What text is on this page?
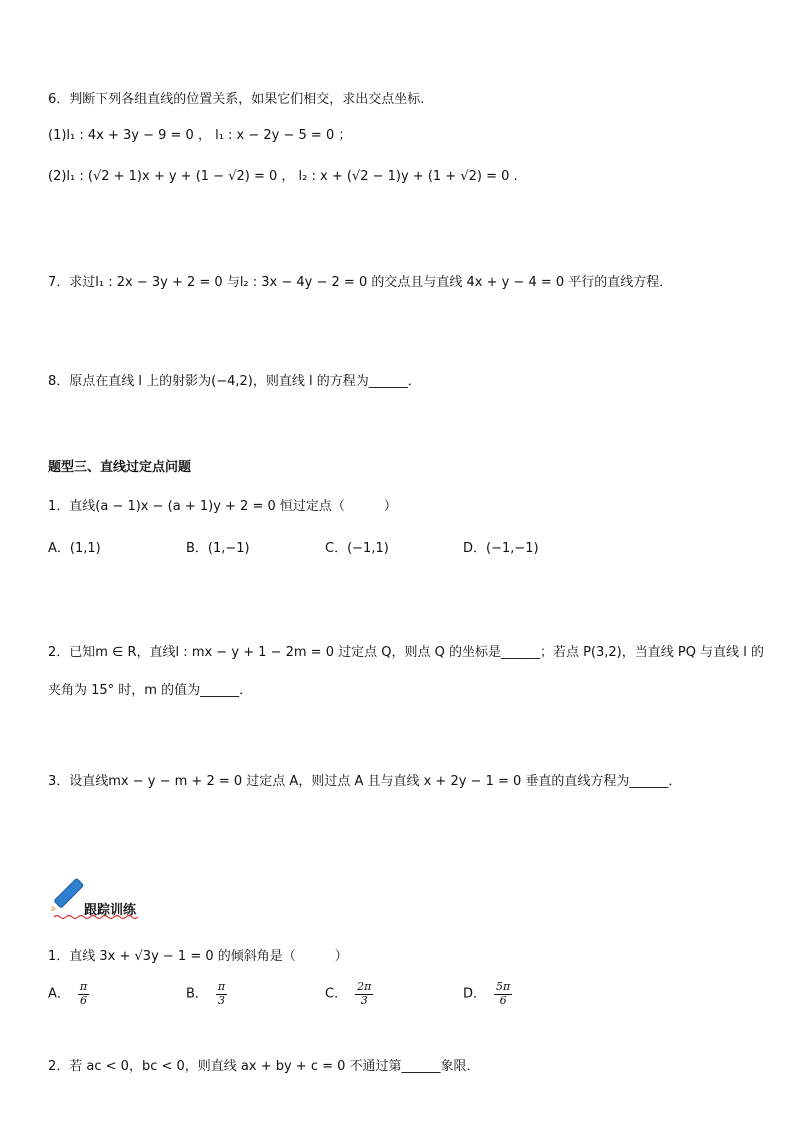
6．判断下列各组直线的位置关系，如果它们相交，求出交点坐标.
(1)l₁ : 4x + 3y − 9 = 0 ， l₁ : x − 2y − 5 = 0 ；
(2)l₁ : (√2 + 1)x + y + (1 − √2) = 0 ， l₂ : x + (√2 − 1)y + (1 + √2) = 0 .
7．求过l₁ : 2x − 3y + 2 = 0 与l₂ : 3x − 4y − 2 = 0 的交点且与直线 4x + y − 4 = 0 平行的直线方程．
8．原点在直线 l 上的射影为(−4,2)，则直线 l 的方程为______．
题型三、直线过定点问题
1．直线(a − 1)x − (a + 1)y + 2 = 0 恒过定点（　　　）
A．(1,1)	B．(1,−1)	C．(−1,1)	D．(−1,−1)
2．已知m ∈ R，直线l : mx − y + 1 − 2m = 0 过定点 Q，则点 Q 的坐标是______；若点 P(3,2)，当直线 PQ 与直线 l 的
夹角为 15° 时，m 的值为______．
3．设直线mx − y − m + 2 = 0 过定点 A，则过点 A 且与直线 x + 2y − 1 = 0 垂直的直线方程为______．
跟踪训练
1．直线 3x + √3y − 1 = 0 的倾斜角是（　　　）
A． $\frac{\pi}{6}$	B． $\frac{\pi}{3}$	C． $\frac{2\pi}{3}$	D． $\frac{5\pi}{6}$
2．若 ac < 0，bc < 0，则直线 ax + by + c = 0 不通过第______象限．
